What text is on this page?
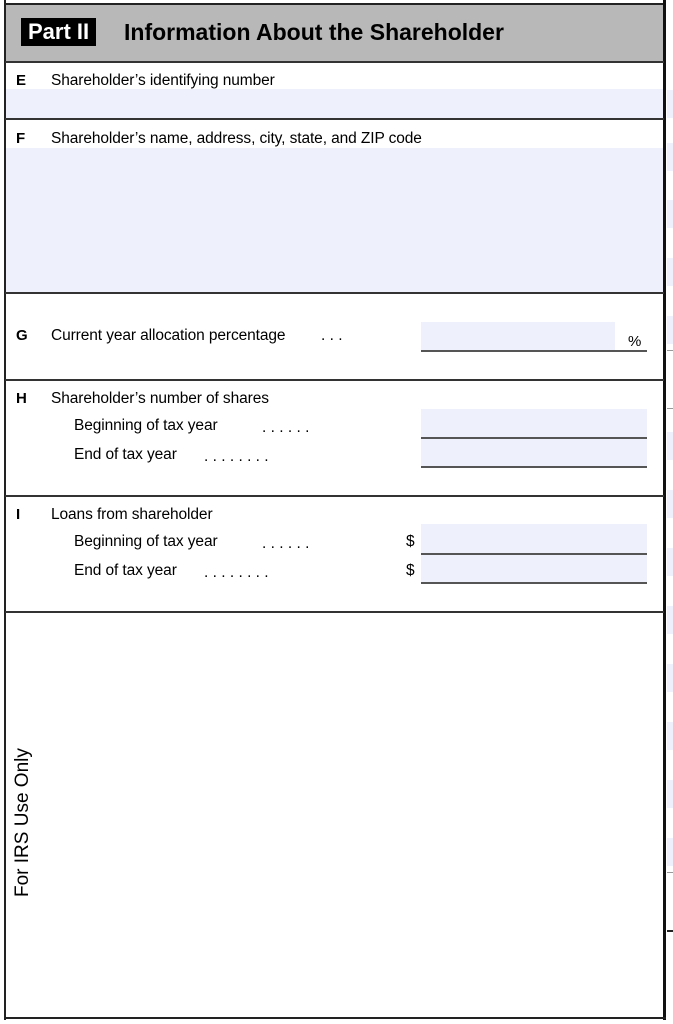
Part II	Information About the Shareholder
E Shareholder’s identifying number
F Shareholder’s name, address, city, state, and ZIP code
G Current year allocation percentage . . .	%
H Shareholder’s number of shares
Beginning of tax year	. . . . . .
End of tax year . . . . . . . .
I Loans from shareholder
Beginning of tax year	. . . . . .	$
End of tax year . . . . . . . .	$
For IRS Use Only
